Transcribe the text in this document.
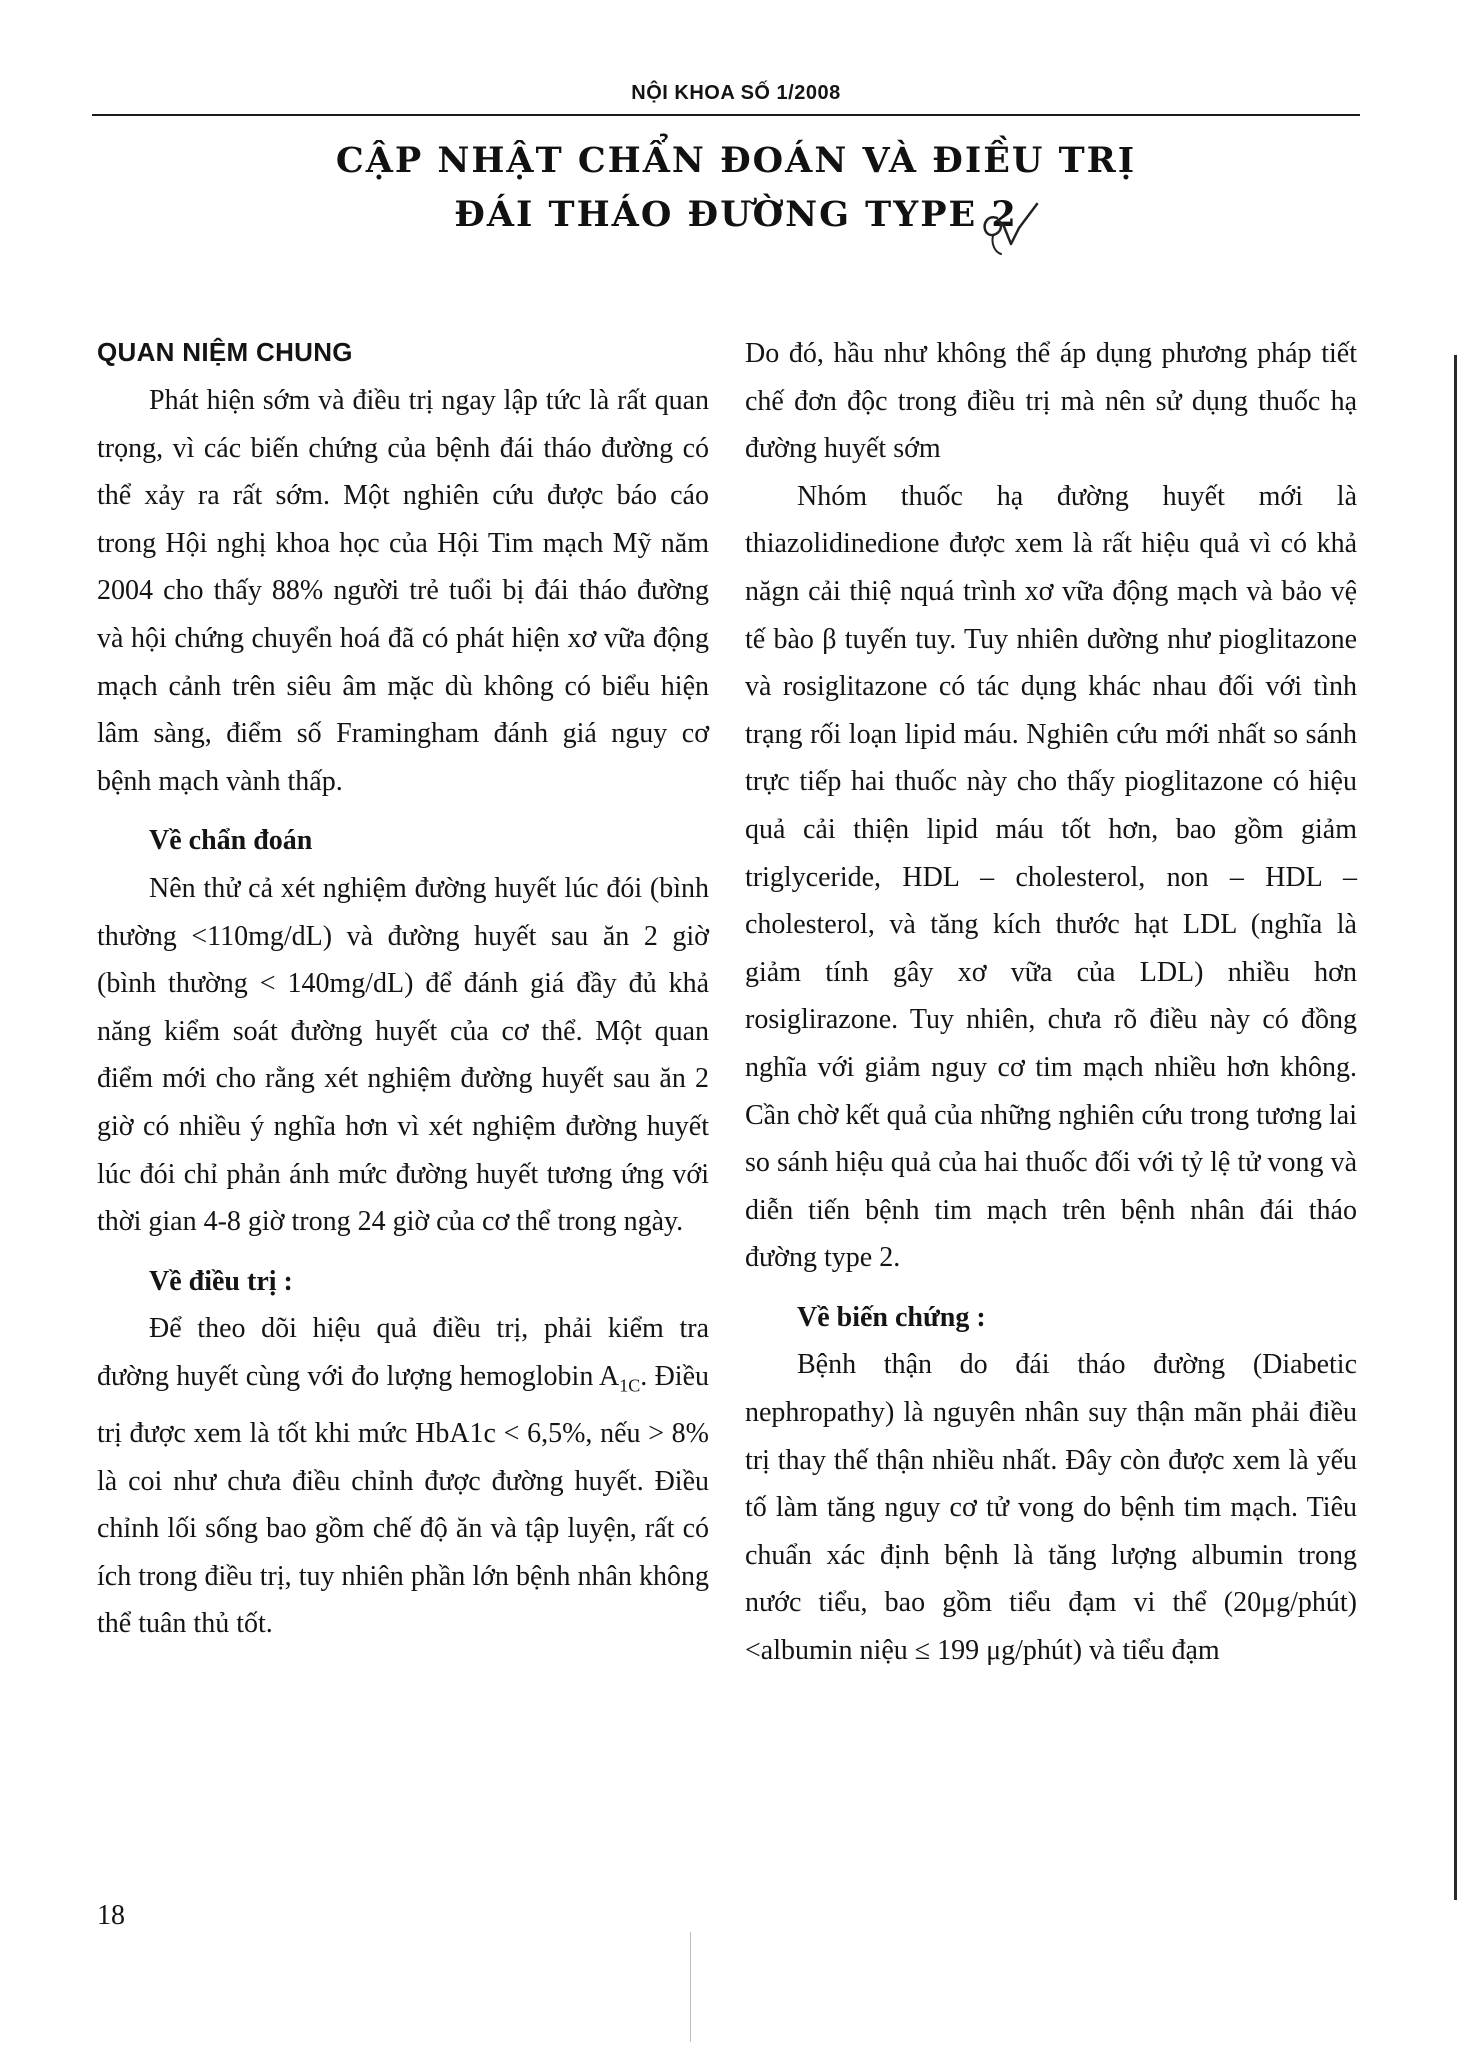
NỘI KHOA SỐ 1/2008
CẬP NHẬT CHẨN ĐOÁN VÀ ĐIỀU TRỊ
ĐÁI THÁO ĐƯỜNG TYPE 2
QUAN NIỆM CHUNG

Phát hiện sớm và điều trị ngay lập tức là rất quan trọng, vì các biến chứng của bệnh đái tháo đường có thể xảy ra rất sớm. Một nghiên cứu được báo cáo trong Hội nghị khoa học của Hội Tim mạch Mỹ năm 2004 cho thấy 88% người trẻ tuổi bị đái tháo đường và hội chứng chuyển hoá đã có phát hiện xơ vữa động mạch cảnh trên siêu âm mặc dù không có biểu hiện lâm sàng, điểm số Framingham đánh giá nguy cơ bệnh mạch vành thấp.

Về chẩn đoán

Nên thử cả xét nghiệm đường huyết lúc đói (bình thường <110mg/dL) và đường huyết sau ăn 2 giờ (bình thường < 140mg/dL) để đánh giá đầy đủ khả năng kiểm soát đường huyết của cơ thể. Một quan điểm mới cho rằng xét nghiệm đường huyết sau ăn 2 giờ có nhiều ý nghĩa hơn vì xét nghiệm đường huyết lúc đói chỉ phản ánh mức đường huyết tương ứng với thời gian 4-8 giờ trong 24 giờ của cơ thể trong ngày.

Về điều trị :

Để theo dõi hiệu quả điều trị, phải kiểm tra đường huyết cùng với đo lượng hemoglobin $A_{1C}$. Điều trị được xem là tốt khi mức HbA1c < 6,5%, nếu > 8% là coi như chưa điều chỉnh được đường huyết. Điều chỉnh lối sống bao gồm chế độ ăn và tập luyện, rất có ích trong điều trị, tuy nhiên phần lớn bệnh nhân không thể tuân thủ tốt.

Do đó, hầu như không thể áp dụng phương pháp tiết chế đơn độc trong điều trị mà nên sử dụng thuốc hạ đường huyết sớm

Nhóm thuốc hạ đường huyết mới là thiazolidinedione được xem là rất hiệu quả vì có khả năgn cải thiệ nquá trình xơ vữa động mạch và bảo vệ tế bào β tuyến tuy. Tuy nhiên dường như pioglitazone và rosiglitazone có tác dụng khác nhau đối với tình trạng rối loạn lipid máu. Nghiên cứu mới nhất so sánh trực tiếp hai thuốc này cho thấy pioglitazone có hiệu quả cải thiện lipid máu tốt hơn, bao gồm giảm triglyceride, HDL – cholesterol, non – HDL – cholesterol, và tăng kích thước hạt LDL (nghĩa là giảm tính gây xơ vữa của LDL) nhiều hơn rosiglirazone. Tuy nhiên, chưa rõ điều này có đồng nghĩa với giảm nguy cơ tim mạch nhiều hơn không. Cần chờ kết quả của những nghiên cứu trong tương lai so sánh hiệu quả của hai thuốc đối với tỷ lệ tử vong và diễn tiến bệnh tim mạch trên bệnh nhân đái tháo đường type 2.

Về biến chứng :

Bệnh thận do đái tháo đường (Diabetic nephropathy) là nguyên nhân suy thận mãn phải điều trị thay thế thận nhiều nhất. Đây còn được xem là yếu tố làm tăng nguy cơ tử vong do bệnh tim mạch. Tiêu chuẩn xác định bệnh là tăng lượng albumin trong nước tiểu, bao gồm tiểu đạm vi thể (20μg/phút) <albumin niệu ≤ 199 μg/phút) và tiểu đạm

18
